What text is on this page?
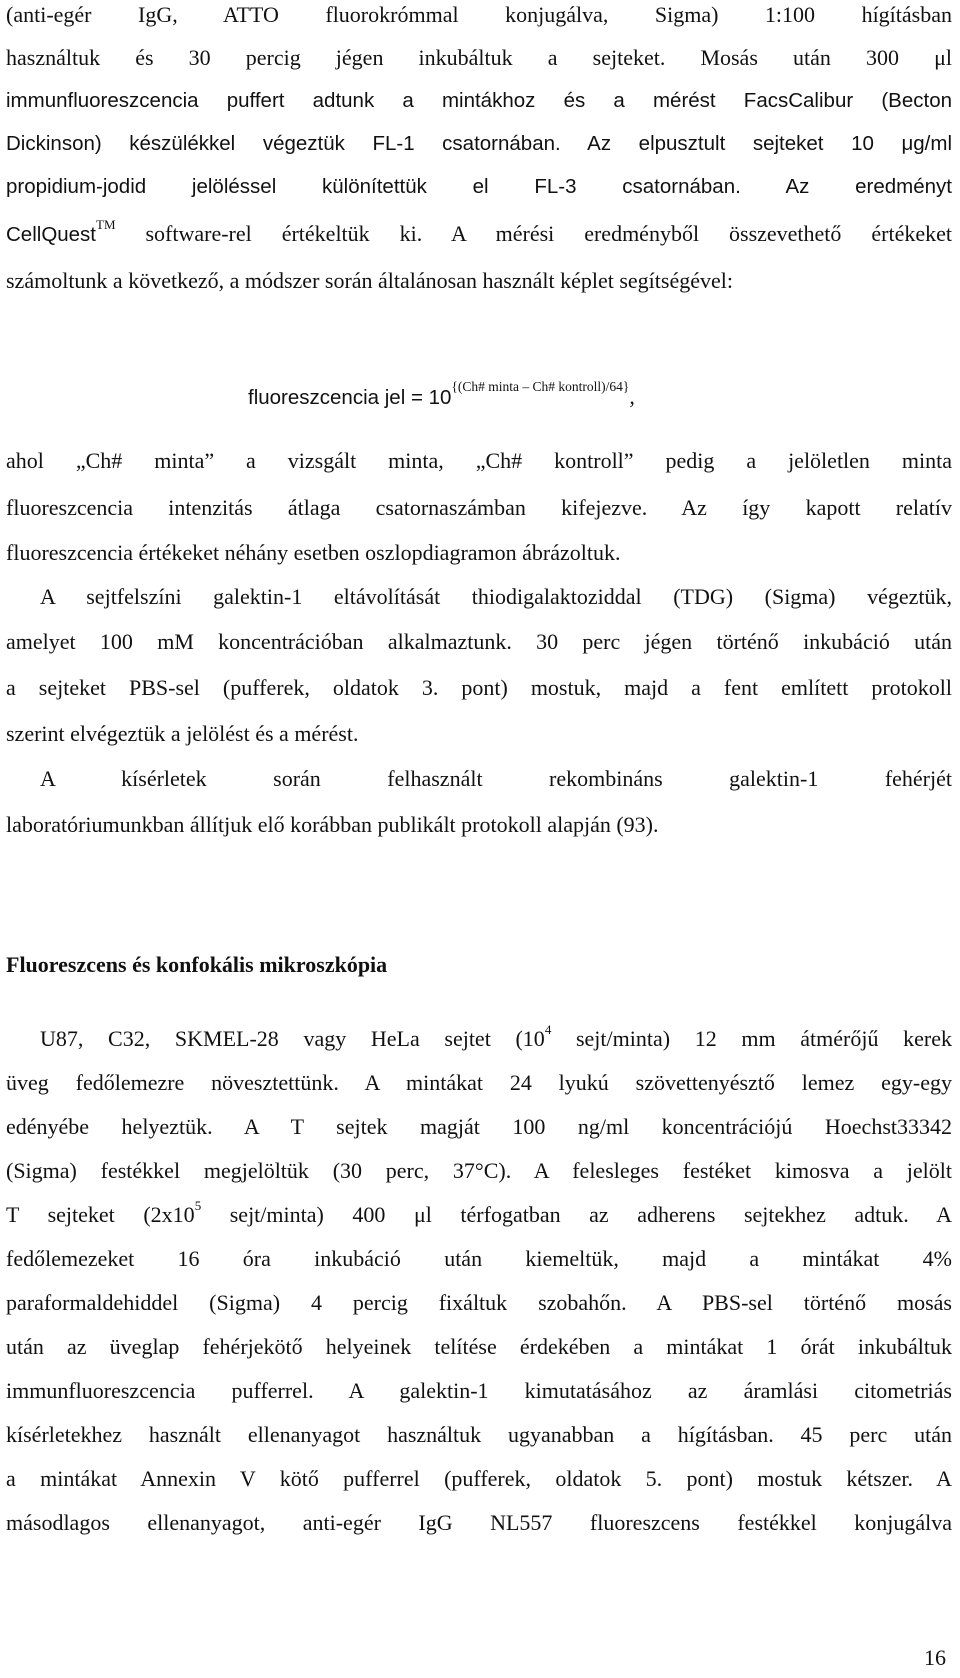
(anti-egér IgG, ATTO fluorokrómmal konjugálva, Sigma) 1:100 hígításban
használtuk és 30 percig jégen inkubáltuk a sejteket. Mosás után 300 μl
immunfluoreszcencia puffert adtunk a mintákhoz és a mérést FacsCalibur (Becton
Dickinson) készülékkel végeztük FL-1 csatornában. Az elpusztult sejteket 10 μg/ml
propidium-jodid jelöléssel különítettük el FL-3 csatornában. Az eredményt
CellQuest™ software-rel értékeltük ki. A mérési eredményből összevethető értékeket
számoltunk a következő, a módszer során általánosan használt képlet segítségével:
fluoreszcencia jel = $10^{\{(Ch\# minta - Ch\# kontroll)/64\}}$,
ahol „Ch# minta” a vizsgált minta, „Ch# kontroll” pedig a jelöletlen minta
fluoreszcencia intenzitás átlaga csatornaszámban kifejezve. Az így kapott relatív
fluoreszcencia értékeket néhány esetben oszlopdiagramon ábrázoltuk.
A sejtfelszíni galektin-1 eltávolítását thiodigalaktoziddal (TDG) (Sigma) végeztük,
amelyet 100 mM koncentrációban alkalmaztunk. 30 perc jégen történő inkubáció után
a sejteket PBS-sel (pufferek, oldatok 3. pont) mostuk, majd a fent említett protokoll
szerint elvégeztük a jelölést és a mérést.
A kísérletek során felhasznált rekombináns galektin-1 fehérjét
laboratóriumunkban állítjuk elő korábban publikált protokoll alapján (93).
Fluoreszcens és konfokális mikroszkópia
U87, C32, SKMEL-28 vagy HeLa sejtet ($10^4$ sejt/minta) 12 mm átmérőjű kerek
üveg fedőlemezre növesztettünk. A mintákat 24 lyukú szövettenyésztő lemez egy-egy
edényébe helyeztük. A T sejtek magját 100 ng/ml koncentrációjú Hoechst33342
(Sigma) festékkel megjelöltük (30 perc, 37°C). A felesleges festéket kimosva a jelölt
T sejteket ($2x10^5$ sejt/minta) 400 μl térfogatban az adherens sejtekhez adtuk. A
fedőlemezeket 16 óra inkubáció után kiemeltük, majd a mintákat 4%
paraformaldehiddel (Sigma) 4 percig fixáltuk szobahőn. A PBS-sel történő mosás
után az üveglap fehérjekötő helyeinek telítése érdekében a mintákat 1 órát inkubáltuk
immunfluoreszcencia pufferrel. A galektin-1 kimutatásához az áramlási citometriás
kísérletekhez használt ellenanyagot használtuk ugyanabban a hígításban. 45 perc után
a mintákat Annexin V kötő pufferrel (pufferek, oldatok 5. pont) mostuk kétszer. A
másodlagos ellenanyagot, anti-egér IgG NL557 fluoreszcens festékkel konjugálva
16
